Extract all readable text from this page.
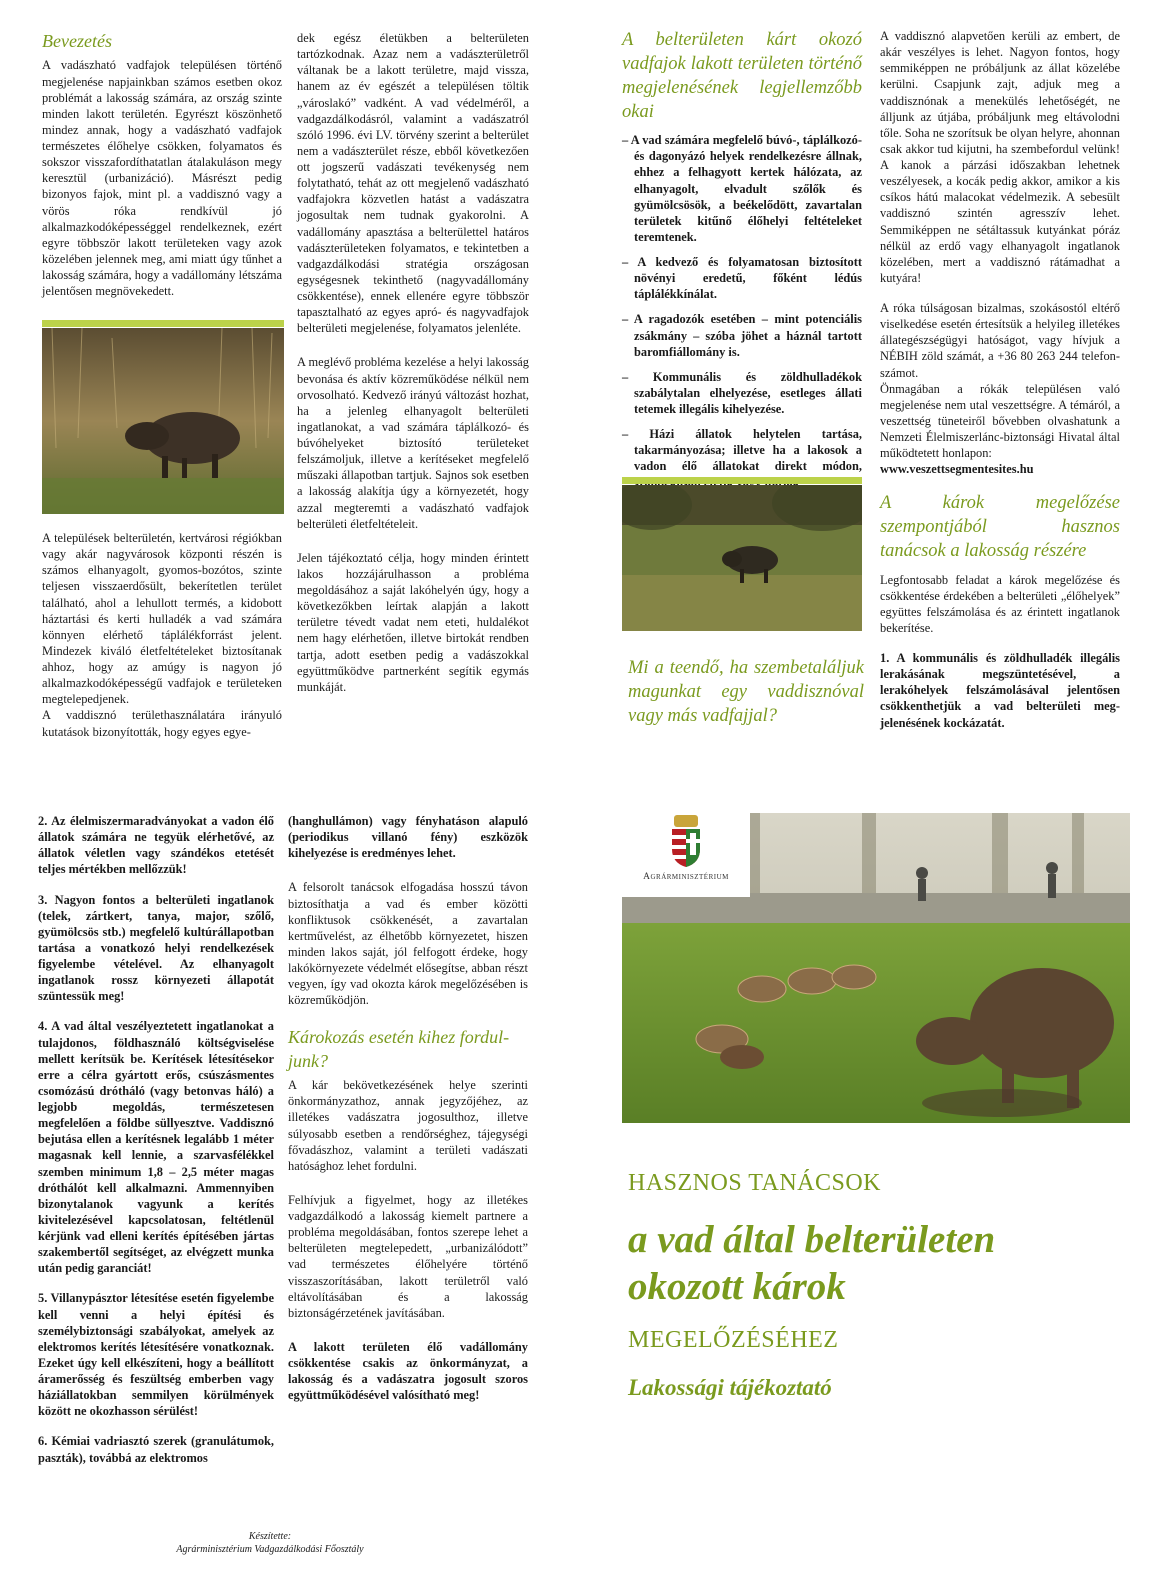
Bevezetés

A vadászható vadfajok településen történő megjelenése napjainkban számos esetben okoz problémát a lakosság számára, az ország szinte minden lakott területén. Egyrészt köszönhető mindez annak, hogy a vadászható vadfajok természetes élőhelye csökken, folyamatos és sokszor visszafordíthatatlan átalakuláson megy keresztül (urbanizáció). Másrészt pedig bizonyos fajok, mint pl. a vaddisznó vagy a vörös róka rendkívül jó alkalmazkodóképességgel rendelkeznek, ezért egyre többször lakott területeken vagy azok közelében jelennek meg, ami miatt úgy tűnhet a lakosság számára, hogy a vadállomány létszáma jelentősen megnövekedett.

A települések belterületén, kertvárosi régiókban vagy akár nagyvárosok központi részén is számos elhanyagolt, gyomos-bozótos, szinte teljesen visszaerdősült, bekerítetlen terület található, ahol a lehullott termés, a kidobott háztartási és kerti hulladék a vad számára könnyen elérhető táplálékforrást jelent. Mindezek kiváló életfeltételeket biztosítanak ahhoz, hogy az amúgy is nagyon jó alkalmazkodóképességű vadfajok e területeken megtelepedjenek.

A vaddisznó területhasználatára irányuló kutatások bizonyították, hogy egyes egye-

dek egész életükben a belterületen tartózkodnak. Azaz nem a vadászterületről váltanak be a lakott területre, majd vissza, hanem az év egészét a településen töltik „városlakó” vadként. A vad védelméről, a vadgazdálkodásról, valamint a vadászatról szóló 1996. évi LV. törvény szerint a belterület nem a vadászterület része, ebből következően ott jogszerű vadászati tevékenység nem folytatható, tehát az ott megjelenő vadászható vadfajokra közvetlen hatást a vadászatra jogosultak nem tudnak gyakorolni. A vadállomány apasztása a belterülettel határos vadászterületeken folyamatos, e tekintetben a vadgazdálkodási stratégia országosan egységesnek tekinthető (nagyvadállomány csökkentése), ennek ellenére egyre többször tapasztalható az egyes apró- és nagyvadfajok belterületi megjelenése, folyamatos jelenléte.

A meglévő probléma kezelése a helyi lakosság bevonása és aktív közreműködése nélkül nem orvosolható. Kedvező irányú változást hozhat, ha a jelenleg elhanyagolt belterületi ingatlanokat, a vad számára táplálkozó- és búvóhelyeket biztosító területeket felszámoljuk, illetve a kerítéseket megfelelő műszaki állapotban tartjuk. Sajnos sok esetben a lakosság alakítja úgy a környezetét, hogy azzal megteremti a vadászható vadfajok belterületi életfeltételeit.

Jelen tájékoztató célja, hogy minden érintett lakos hozzájárulhasson a probléma megoldásához a saját lakóhelyén úgy, hogy a következőkben leírtak alapján a lakott területre tévedt vadat nem eteti, huldalékot nem hagy elérhetően, illetve birtokát rendben tartja, adott esetben pedig a vadászokkal együttműködve partnerként segítik egymás munkáját.

A belterületen kárt okozó vadfajok lakott területen történő megjelenésének legjellemzőbb okai
– A vad számára megfelelő búvó-, táplálkozó- és dagonyázó helyek rendelkezésre állnak, ehhez a felhagyott kertek hálózata, az elhanyagolt, elvadult szőlők és gyümölcsösök, a beékelődött, zavartalan területek kitűnő élőhelyi feltételeket teremtenek.
– A kedvező és folyamatosan biztosított növényi eredetű, főként lédús táplálékkínálat.
– A ragadozók esetében – mint potenciális zsákmány – szóba jöhet a háznál tartott baromfiállomány is.
– Kommunális és zöldhulladékok szabálytalan elhelyezése, esetleges állati tetemek illegális kihelyezése.
– Házi állatok helytelen tartása, takarmányozása; illetve ha a lakosok a vadon élő állatokat direkt módon,
Mi a teendő, ha szembetaláljuk magunkat egy vaddisznóval vagy más vadfajjal?

A vaddisznó alapvetően kerüli az embert, de akár veszélyes is lehet. Nagyon fontos, hogy semmiképpen ne próbáljunk az állat közelébe kerülni. Csapjunk zajt, adjuk meg a vaddisznónak a menekülés lehetőségét, ne álljunk az útjába, próbáljunk meg eltávolodni tőle. Soha ne szorítsuk be olyan helyre, ahonnan csak akkor tud kijutni, ha szembefordul velünk! A kanok a párzási időszakban lehetnek veszélyesek, a kocák pedig akkor, amikor a kis csíkos hátú malacokat védelmezik. A sebesült vaddisznó szintén agresszív lehet. Semmiképpen ne sétáltassuk kutyánkat póráz nélkül az erdő vagy elhanyagolt ingatlanok közelében, mert a vaddisznó rátámadhat a kutyára!

A róka túlságosan bizalmas, szokásostól eltérő viselkedése esetén értesítsük a helyileg illetékes állategészségügyi hatóságot, vagy hívjuk a NÉBIH zöld számát, a +36 80 263 244 telefon-számot.

Önmagában a rókák településen való megjelenése nem utal veszettségre. A témáról, a veszettség tüneteiről bővebben olvashatunk a Nemzeti Élelmiszerlánc-biztonsági Hivatal által működtetett honlapon:

www.veszettsegmentesites.hu

A károk megelőzése szempontjából hasznos tanácsok a lakosság részére

Legfontosabb feladat a károk megelőzése és csökkentése érdekében a belterületi „élőhelyek” együttes felszámolása és az érintett ingatlanok bekerítése.

1. A kommunális és zöldhulladék illegális lerakásának megszüntetésével, a lerakóhelyek felszámolásával jelentősen csökkenthetjük a vad belterületi meg-jelenésének kockázatát.

2. Az élelmiszermaradványokat a vadon élő állatok számára ne tegyük elérhetővé, az állatok véletlen vagy szándékos etetését teljes mértékben mellőzzük!

3. Nagyon fontos a belterületi ingatlanok (telek, zártkert, tanya, major, szőlő, gyümölcsös stb.) megfelelő kultúrállapotban tartása a vonatkozó helyi rendelkezések figyelembe vételével. Az elhanyagolt ingatlanok rossz környezeti állapotát szüntessük meg!

4. A vad által veszélyeztetett ingatlanokat a tulajdonos, földhasználó költségviselése mellett kerítsük be. Kerítések létesítésekor erre a célra gyártott erős, csúszásmentes csomózású drótháló (vagy betonvas háló) a legjobb megoldás, természetesen megfelelően a földbe süllyesztve. Vaddisznó bejutása ellen a kerítésnek legalább 1 méter magasnak kell lennie, a szarvasfélékkel szemben minimum 1,8 – 2,5 méter magas dróthálót kell alkalmazni. Ammennyiben bizonytalanok vagyunk a kerítés kivitelezésével kapcsolatosan, feltétlenül kérjünk vad elleni kerítés építésében jártas szakembertől segítséget, az elvégzett munka után pedig garanciát!

5. Villanypásztor létesítése esetén figyelembe kell venni a helyi építési és személybiztonsági szabályokat, amelyek az elektromos kerítés létesítésére vonatkoznak. Ezeket úgy kell elkészíteni, hogy a beállított áramerősség és feszültség emberben vagy háziállatokban semmilyen körülmények között ne okozhasson sérülést!

6. Kémiai vadriasztó szerek (granulátumok, paszták), továbbá az elektromos

Készítette:
Agrárminisztérium Vadgazdálkodási Főosztály

(hanghullámon) vagy fényhatáson alapuló (periodikus villanó fény) eszközök kihelyezése is eredményes lehet.

A felsorolt tanácsok elfogadása hosszú távon biztosíthatja a vad és ember közötti konfliktusok csökkenését, a zavartalan kertművelést, az élhetőbb környezetet, hiszen minden lakos saját, jól felfogott érdeke, hogy lakókörnyezete védelmét elősegítse, abban részt vegyen, így vad okozta károk megelőzésében is közreműködjön.

Károkozás esetén kihez fordul-junk?

A kár bekövetkezésének helye szerinti önkormányzathoz, annak jegyzőjéhez, az illetékes vadászatra jogosulthoz, illetve súlyosabb esetben a rendőrséghez, tájegységi fővadászhoz, valamint a területi vadászati hatósághoz lehet fordulni.

Felhívjuk a figyelmet, hogy az illetékes vadgazdálkodó a lakosság kiemelt partnere a probléma megoldásában, fontos szerepe lehet a belterületen megtelepedett, „urbanizálódott” vad természetes élőhelyére történő visszaszorításában, lakott területről való eltávolításában és a lakosság biztonságérzetének javításában.

A lakott területen élő vadállomány csökkentése csakis az önkormányzat, a lakosság és a vadászatra jogosult szoros együttműködésével valósítható meg!

Agrárminisztérium
HASZNOS TANÁCSOK
a vad által belterületen
okozott károk
MEGELŐZÉSÉHEZ
Lakossági tájékoztató
